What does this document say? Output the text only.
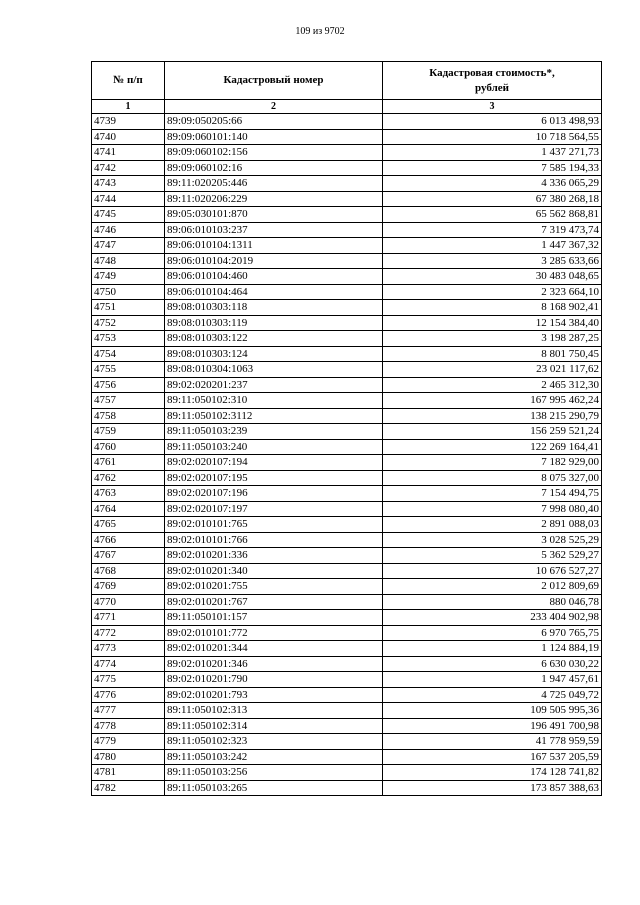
109 из 9702
№ п/п	Кадастровый номер	Кадастровая стоимость*,
рублей

1	2	3
4739	89:09:050205:66	6 013 498,93
4740	89:09:060101:140	10 718 564,55
4741	89:09:060102:156	1 437 271,73
4742	89:09:060102:16	7 585 194,33
4743	89:11:020205:446	4 336 065,29
4744	89:11:020206:229	67 380 268,18
4745	89:05:030101:870	65 562 868,81
4746	89:06:010103:237	7 319 473,74
4747	89:06:010104:1311	1 447 367,32
4748	89:06:010104:2019	3 285 633,66
4749	89:06:010104:460	30 483 048,65
4750	89:06:010104:464	2 323 664,10
4751	89:08:010303:118	8 168 902,41
4752	89:08:010303:119	12 154 384,40
4753	89:08:010303:122	3 198 287,25
4754	89:08:010303:124	8 801 750,45
4755	89:08:010304:1063	23 021 117,62
4756	89:02:020201:237	2 465 312,30
4757	89:11:050102:310	167 995 462,24
4758	89:11:050102:3112	138 215 290,79
4759	89:11:050103:239	156 259 521,24
4760	89:11:050103:240	122 269 164,41
4761	89:02:020107:194	7 182 929,00
4762	89:02:020107:195	8 075 327,00
4763	89:02:020107:196	7 154 494,75
4764	89:02:020107:197	7 998 080,40
4765	89:02:010101:765	2 891 088,03
4766	89:02:010101:766	3 028 525,29
4767	89:02:010201:336	5 362 529,27
4768	89:02:010201:340	10 676 527,27
4769	89:02:010201:755	2 012 809,69
4770	89:02:010201:767	880 046,78
4771	89:11:050101:157	233 404 902,98
4772	89:02:010101:772	6 970 765,75
4773	89:02:010201:344	1 124 884,19
4774	89:02:010201:346	6 630 030,22
4775	89:02:010201:790	1 947 457,61
4776	89:02:010201:793	4 725 049,72
4777	89:11:050102:313	109 505 995,36
4778	89:11:050102:314	196 491 700,98
4779	89:11:050102:323	41 778 959,59
4780	89:11:050103:242	167 537 205,59
4781	89:11:050103:256	174 128 741,82
4782	89:11:050103:265	173 857 388,63
